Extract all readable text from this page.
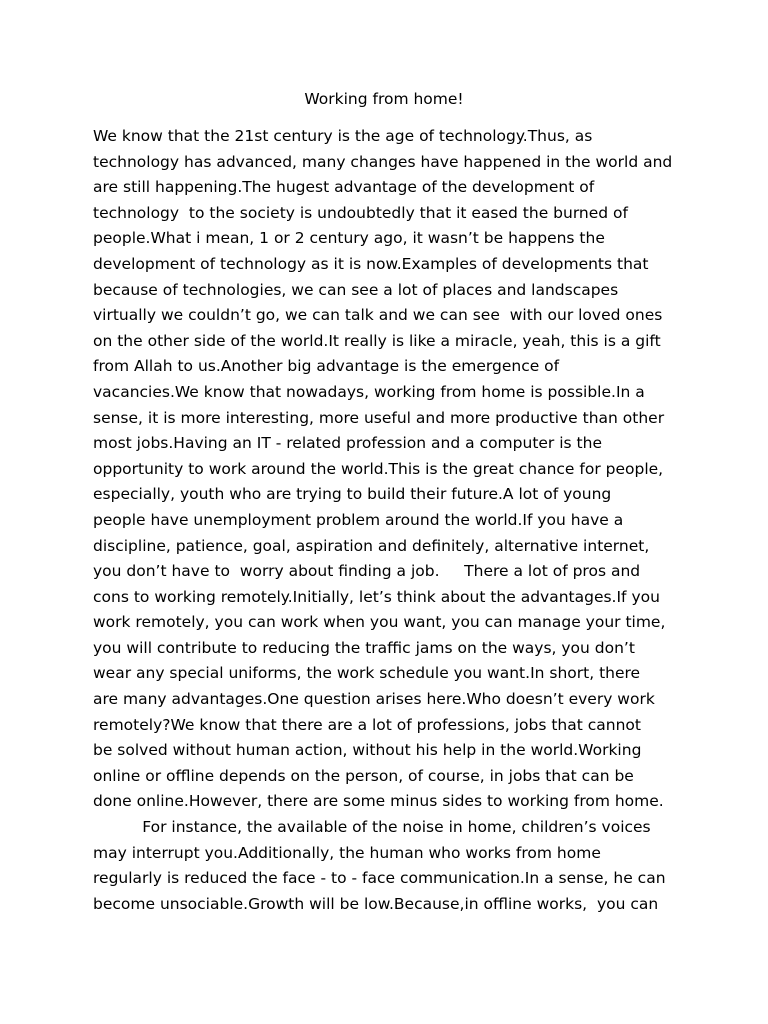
Working from home!
We know that the 21st century is the age of technology.Thus, as
technology has advanced, many changes have happened in the world and
are still happening.The hugest advantage of the development of
technology  to the society is undoubtedly that it eased the burned of
people.What i mean, 1 or 2 century ago, it wasn’t be happens the
development of technology as it is now.Examples of developments that
because of technologies, we can see a lot of places and landscapes
virtually we couldn’t go, we can talk and we can see  with our loved ones
on the other side of the world.It really is like a miracle, yeah, this is a gift
from Allah to us.Another big advantage is the emergence of
vacancies.We know that nowadays, working from home is possible.In a
sense, it is more interesting, more useful and more productive than other
most jobs.Having an IT - related profession and a computer is the
opportunity to work around the world.This is the great chance for people,
especially, youth who are trying to build their future.A lot of young
people have unemployment problem around the world.If you have a
discipline, patience, goal, aspiration and definitely, alternative internet,
you don’t have to  worry about finding a job.     There a lot of pros and
cons to working remotely.Initially, let’s think about the advantages.If you
work remotely, you can work when you want, you can manage your time,
you will contribute to reducing the traffic jams on the ways, you don’t
wear any special uniforms, the work schedule you want.In short, there
are many advantages.One question arises here.Who doesn’t every work
remotely?We know that there are a lot of professions, jobs that cannot
be solved without human action, without his help in the world.Working
online or offline depends on the person, of course, in jobs that can be
done online.However, there are some minus sides to working from home.
For instance, the available of the noise in home, children’s voices
may interrupt you.Additionally, the human who works from home
regularly is reduced the face - to - face communication.In a sense, he can
become unsociable.Growth will be low.Because,in offline works,  you can
